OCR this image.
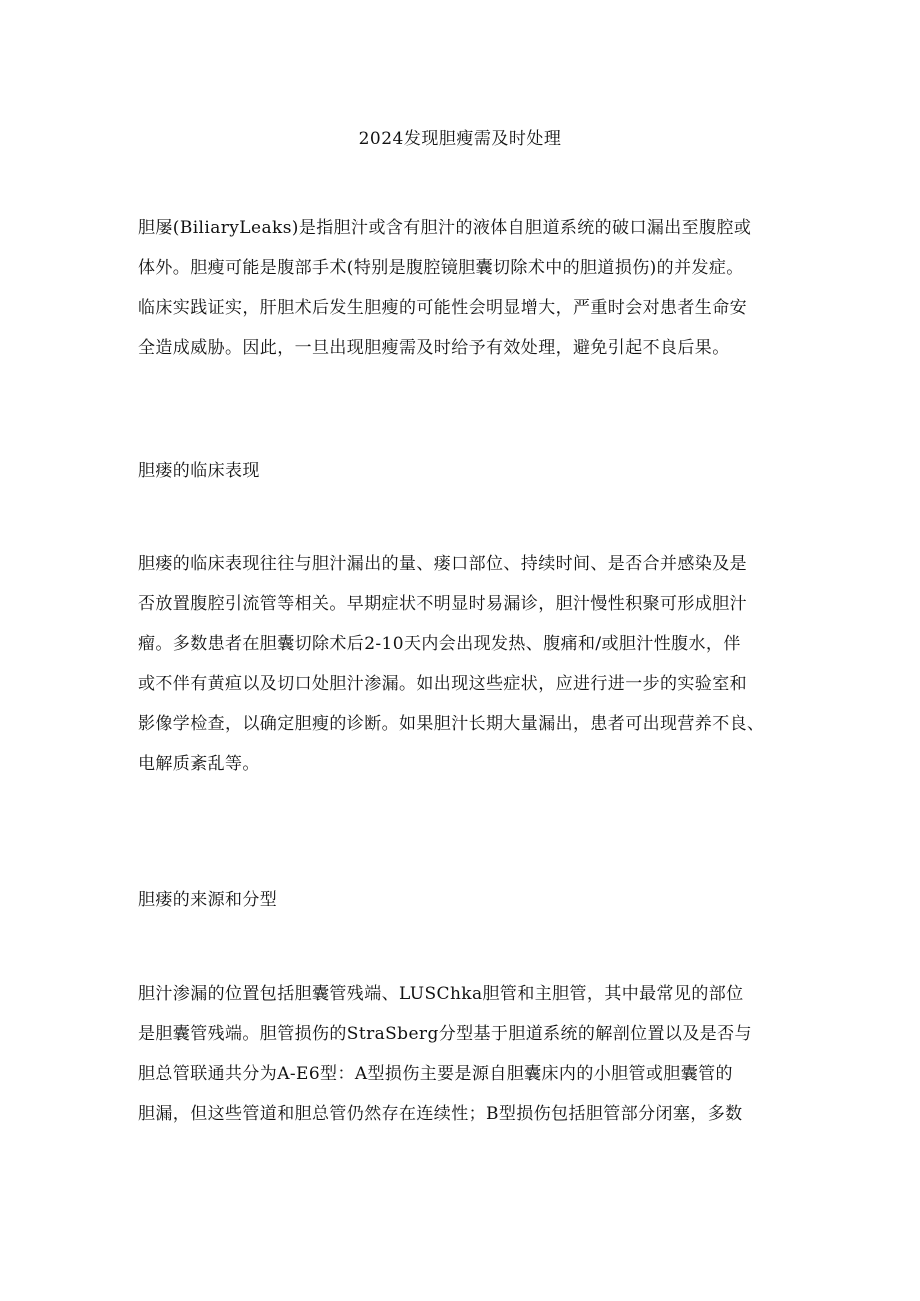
2024发现胆瘦需及时处理
胆屡(BiliaryLeaks)是指胆汁或含有胆汁的液体自胆道系统的破口漏出至腹腔或
体外。胆瘦可能是腹部手术(特别是腹腔镜胆囊切除术中的胆道损伤)的并发症。
临床实践证实，肝胆术后发生胆瘦的可能性会明显增大，严重时会对患者生命安
全造成威胁。因此，一旦出现胆瘦需及时给予有效处理，避免引起不良后果。
胆瘘的临床表现
胆瘘的临床表现往往与胆汁漏出的量、瘘口部位、持续时间、是否合并感染及是
否放置腹腔引流管等相关。早期症状不明显时易漏诊，胆汁慢性积聚可形成胆汁
瘤。多数患者在胆囊切除术后2-10天内会出现发热、腹痛和/或胆汁性腹水，伴
或不伴有黄疸以及切口处胆汁渗漏。如出现这些症状，应进行进一步的实验室和
影像学检查，以确定胆瘦的诊断。如果胆汁长期大量漏出，患者可出现营养不良、
电解质紊乱等。
胆瘘的来源和分型
胆汁渗漏的位置包括胆囊管残端、LUSChka胆管和主胆管，其中最常见的部位
是胆囊管残端。胆管损伤的StraSberg分型基于胆道系统的解剖位置以及是否与
胆总管联通共分为A-E6型：A型损伤主要是源自胆囊床内的小胆管或胆囊管的
胆漏，但这些管道和胆总管仍然存在连续性；B型损伤包括胆管部分闭塞，多数
